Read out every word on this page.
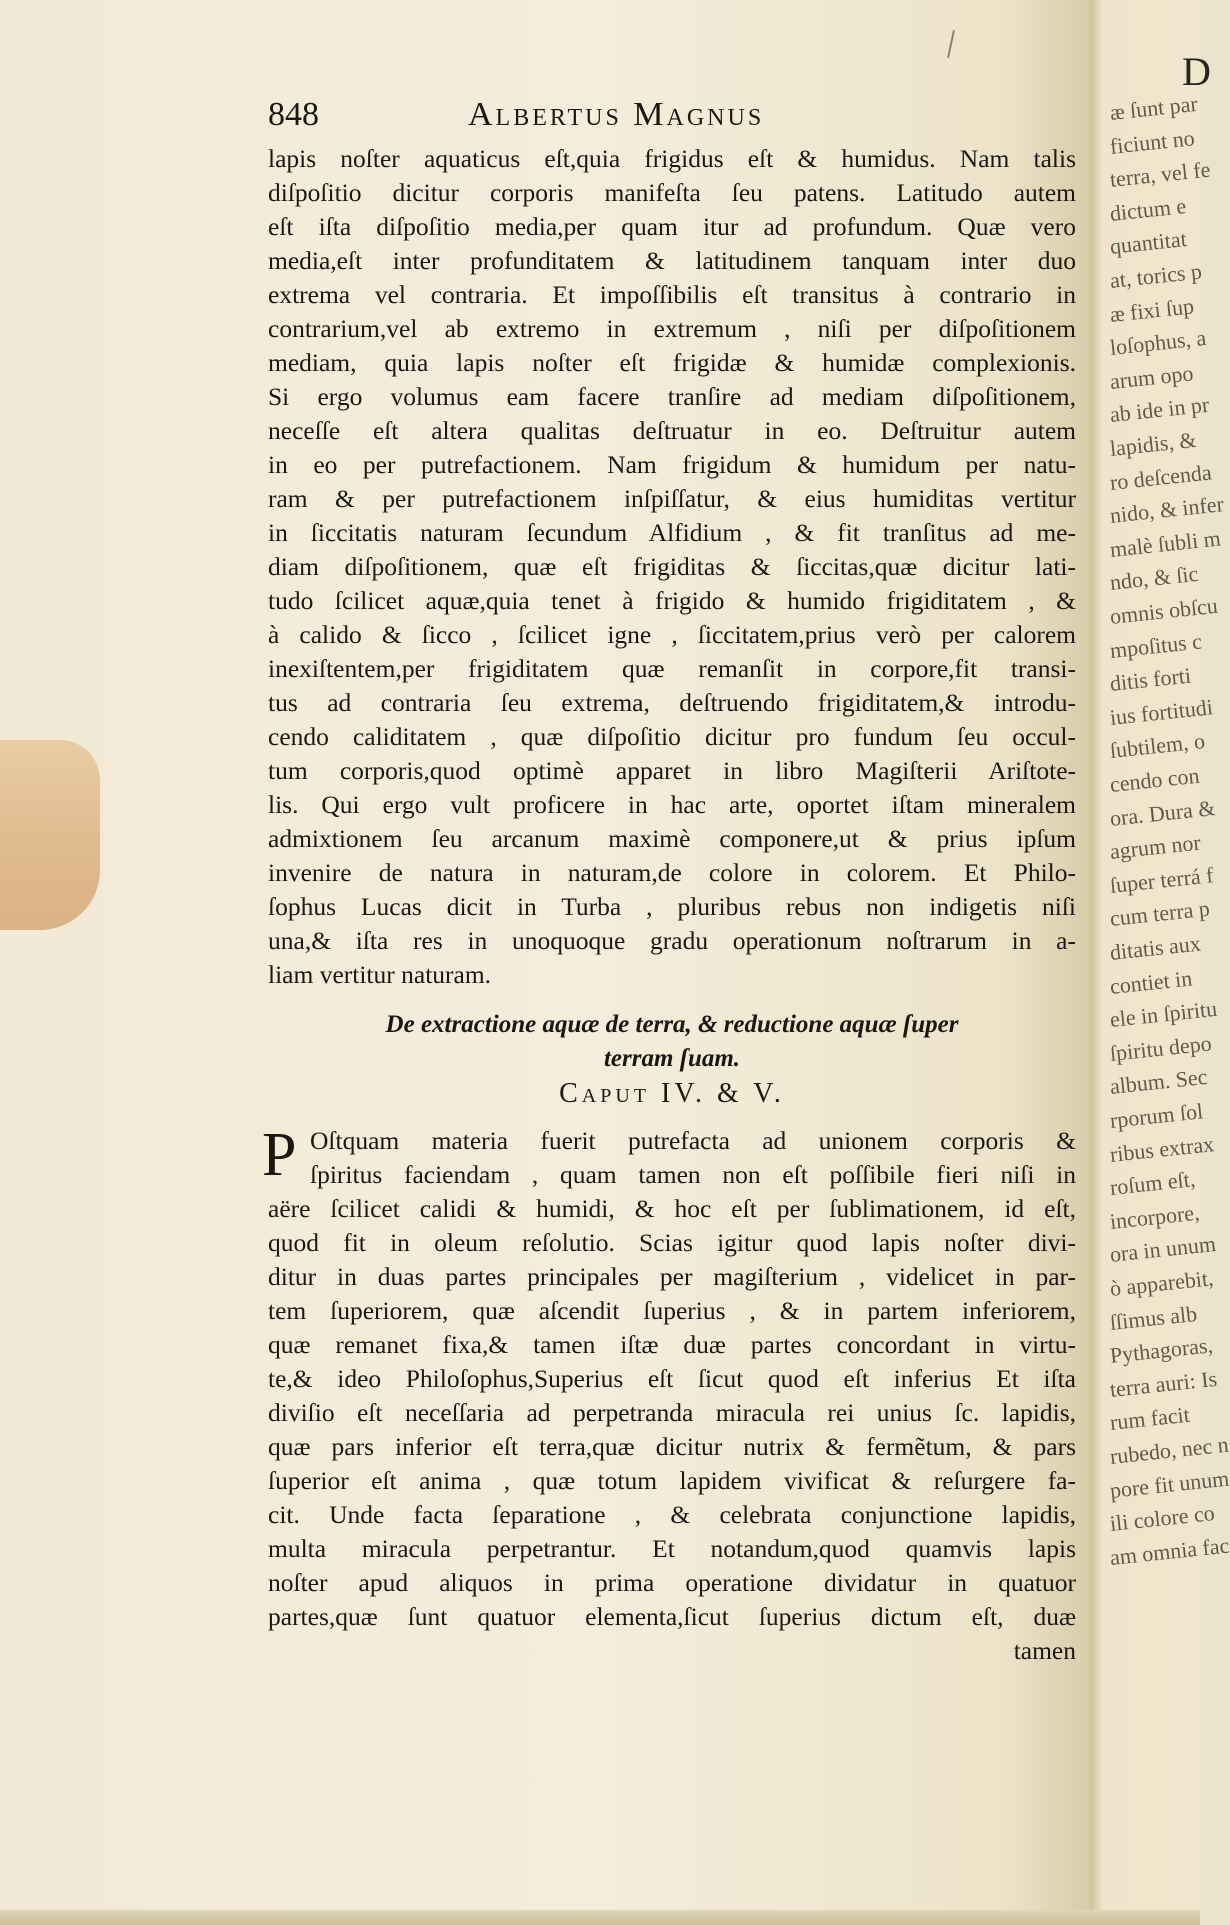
D
æ ſunt par
ficiunt no
terra, vel fe
dictum e
quantitat
at, torics p
æ fixi ſup
loſophus, a
arum opo
ab ide in pr
lapidis, &
ro deſcenda
nido, & infer
malè ſubli m
ndo, & ſic
omnis obſcu
mpoſitus c
ditis forti
ius fortitudi
ſubtilem, o
cendo con
ora. Dura &
agrum nor
ſuper terrá f
cum terra p
ditatis aux
contiet in
ele in ſpiritu
ſpiritu depo
album. Sec
rporum ſol
ribus extrax
roſum eſt,
incorpore,
ora in unum
ò apparebit,
ſſimus alb
Pythagoras,
terra auri: Is
rum facit
rubedo, nec n
pore fit unum
ili colore co
am omnia fac
848	Albertus Magnus
lapis noſter aquaticus eſt,quia frigidus eſt & humidus. Nam talis
diſpoſitio dicitur corporis manifeſta ſeu patens. Latitudo autem
eſt iſta diſpoſitio media,per quam itur ad profundum. Quæ vero
media,eſt inter profunditatem & latitudinem tanquam inter duo
extrema vel contraria. Et impoſſibilis eſt transitus à contrario in
contrarium,vel ab extremo in extremum , niſi per diſpoſitionem
mediam, quia lapis noſter eſt frigidæ & humidæ complexionis.
Si ergo volumus eam facere tranſire ad mediam diſpoſitionem,
neceſſe eſt altera qualitas deſtruatur in eo. Deſtruitur autem
in eo per putrefactionem. Nam frigidum & humidum per natu-
ram & per putrefactionem inſpiſſatur, & eius humiditas vertitur
in ſiccitatis naturam ſecundum Alfidium , & fit tranſitus ad me-
diam diſpoſitionem, quæ eſt frigiditas & ſiccitas,quæ dicitur lati-
tudo ſcilicet aquæ,quia tenet à frigido & humido frigiditatem , &
à calido & ſicco , ſcilicet igne , ſiccitatem,prius verò per calorem
inexiſtentem,per frigiditatem quæ remanſit in corpore,fit transi-
tus ad contraria ſeu extrema, deſtruendo frigiditatem,& introdu-
cendo caliditatem , quæ diſpoſitio dicitur pro fundum ſeu occul-
tum corporis,quod optimè apparet in libro Magiſterii Ariſtote-
lis. Qui ergo vult proficere in hac arte, oportet iſtam mineralem
admixtionem ſeu arcanum maximè componere,ut & prius ipſum
invenire de natura in naturam,de colore in colorem. Et Philo-
ſophus Lucas dicit in Turba , pluribus rebus non indigetis niſi
una,& iſta res in unoquoque gradu operationum noſtrarum in a-
liam vertitur naturam.
De extractione aquæ de terra, & reductione aquæ ſuper
terram ſuam.
Caput IV. & V.
P Oſtquam materia fuerit putrefacta ad unionem corporis &
ſpiritus faciendam , quam tamen non eſt poſſibile fieri niſi in
aëre ſcilicet calidi & humidi, & hoc eſt per ſublimationem, id eſt,
quod fit in oleum reſolutio. Scias igitur quod lapis noſter divi-
ditur in duas partes principales per magiſterium , videlicet in par-
tem ſuperiorem, quæ aſcendit ſuperius , & in partem inferiorem,
quæ remanet fixa,& tamen iſtæ duæ partes concordant in virtu-
te,& ideo Philoſophus,Superius eſt ſicut quod eſt inferius Et iſta
diviſio eſt neceſſaria ad perpetranda miracula rei unius ſc. lapidis,
quæ pars inferior eſt terra,quæ dicitur nutrix & fermẽtum, & pars
ſuperior eſt anima , quæ totum lapidem vivificat & reſurgere fa-
cit. Unde facta ſeparatione , & celebrata conjunctione lapidis,
multa miracula perpetrantur. Et notandum,quod quamvis lapis
noſter apud aliquos in prima operatione dividatur in quatuor
partes,quæ ſunt quatuor elementa,ſicut ſuperius dictum eſt, duæ
tamen
